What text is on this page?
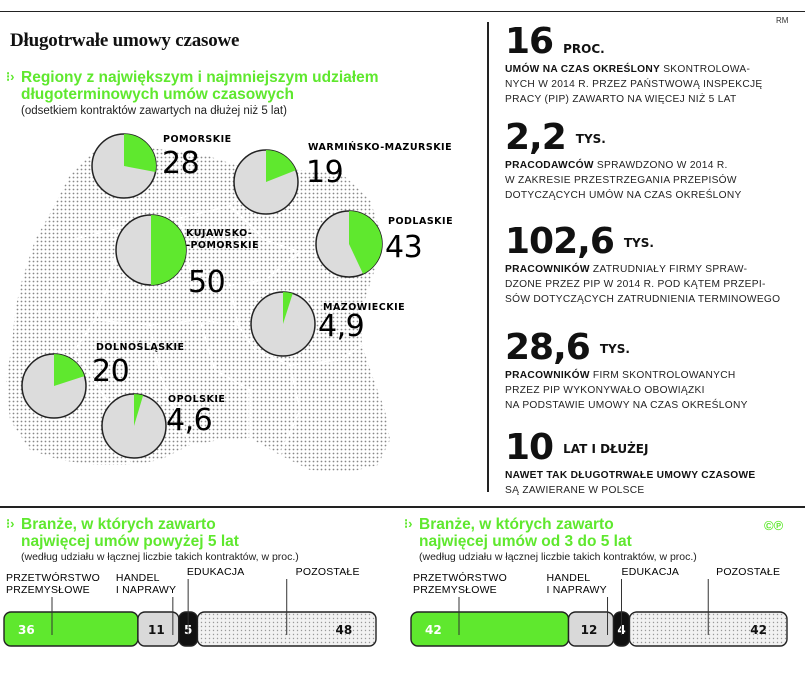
RM
Długotrwałe umowy czasowe
⁝› Regiony z największym i najmniejszym udziałem
długoterminowych umów czasowych
(odsetkiem kontraktów zawartych na dłużej niż 5 lat)
POMORSKIE
28	WARMIŃSKO-MAZURSKIE
19
PODLASKIE
43
KUJAWSKO-
-POMORSKIE
50
MAZOWIECKIE
4,9
DOLNOŚLĄSKIE
20
OPOLSKIE
4,6
16 PROC.
UMÓW NA CZAS OKREŚLONY SKONTROLOWA-
NYCH W 2014 R. PRZEZ PAŃSTWOWĄ INSPEKCJĘ
PRACY (PIP) ZAWARTO NA WIĘCEJ NIŻ 5 LAT
2,2 $^{TYS.}$
PRACODAWCÓW SPRAWDZONO W 2014 R.
W ZAKRESIE PRZESTRZEGANIA PRZEPISÓW
DOTYCZĄCYCH UMÓW NA CZAS OKREŚLONY
102,6 $^{TYS.}$
PRACOWNIKÓW ZATRUDNIAŁY FIRMY SPRAW-
DZONE PRZEZ PIP W 2014 R. POD KĄTEM PRZEPI-
SÓW DOTYCZĄCYCH ZATRUDNIENIA TERMINOWEGO
28,6 $^{TYS.}$
PRACOWNIKÓW FIRM SKONTROLOWANYCH
PRZEZ PIP WYKONYWAŁO OBOWIĄZKI
NA PODSTAWIE UMOWY NA CZAS OKREŚLONY
10 $^{LAT I DŁUŻEJ}$
NAWET TAK DŁUGOTRWAŁE UMOWY CZASOWE
SĄ ZAWIERANE W POLSCE
⁝› Branże, w których zawarto
najwięcej umów powyżej 5 lat
(według udziału w łącznej liczbie takich kontraktów, w proc.)
⁝› Branże, w których zawarto
najwięcej umów od 3 do 5 lat
(według udziału w łącznej liczbie takich kontraktów, w proc.)
©℗
36
PRZETWÓRSTWO
PRZEMYSŁOWE
11
HANDEL
I NAPRAWY
5
EDUKACJA
48
POZOSTAŁE
42
PRZETWÓRSTWO
PRZEMYSŁOWE
12
HANDEL
I NAPRAWY
4
EDUKACJA
42
POZOSTAŁE
